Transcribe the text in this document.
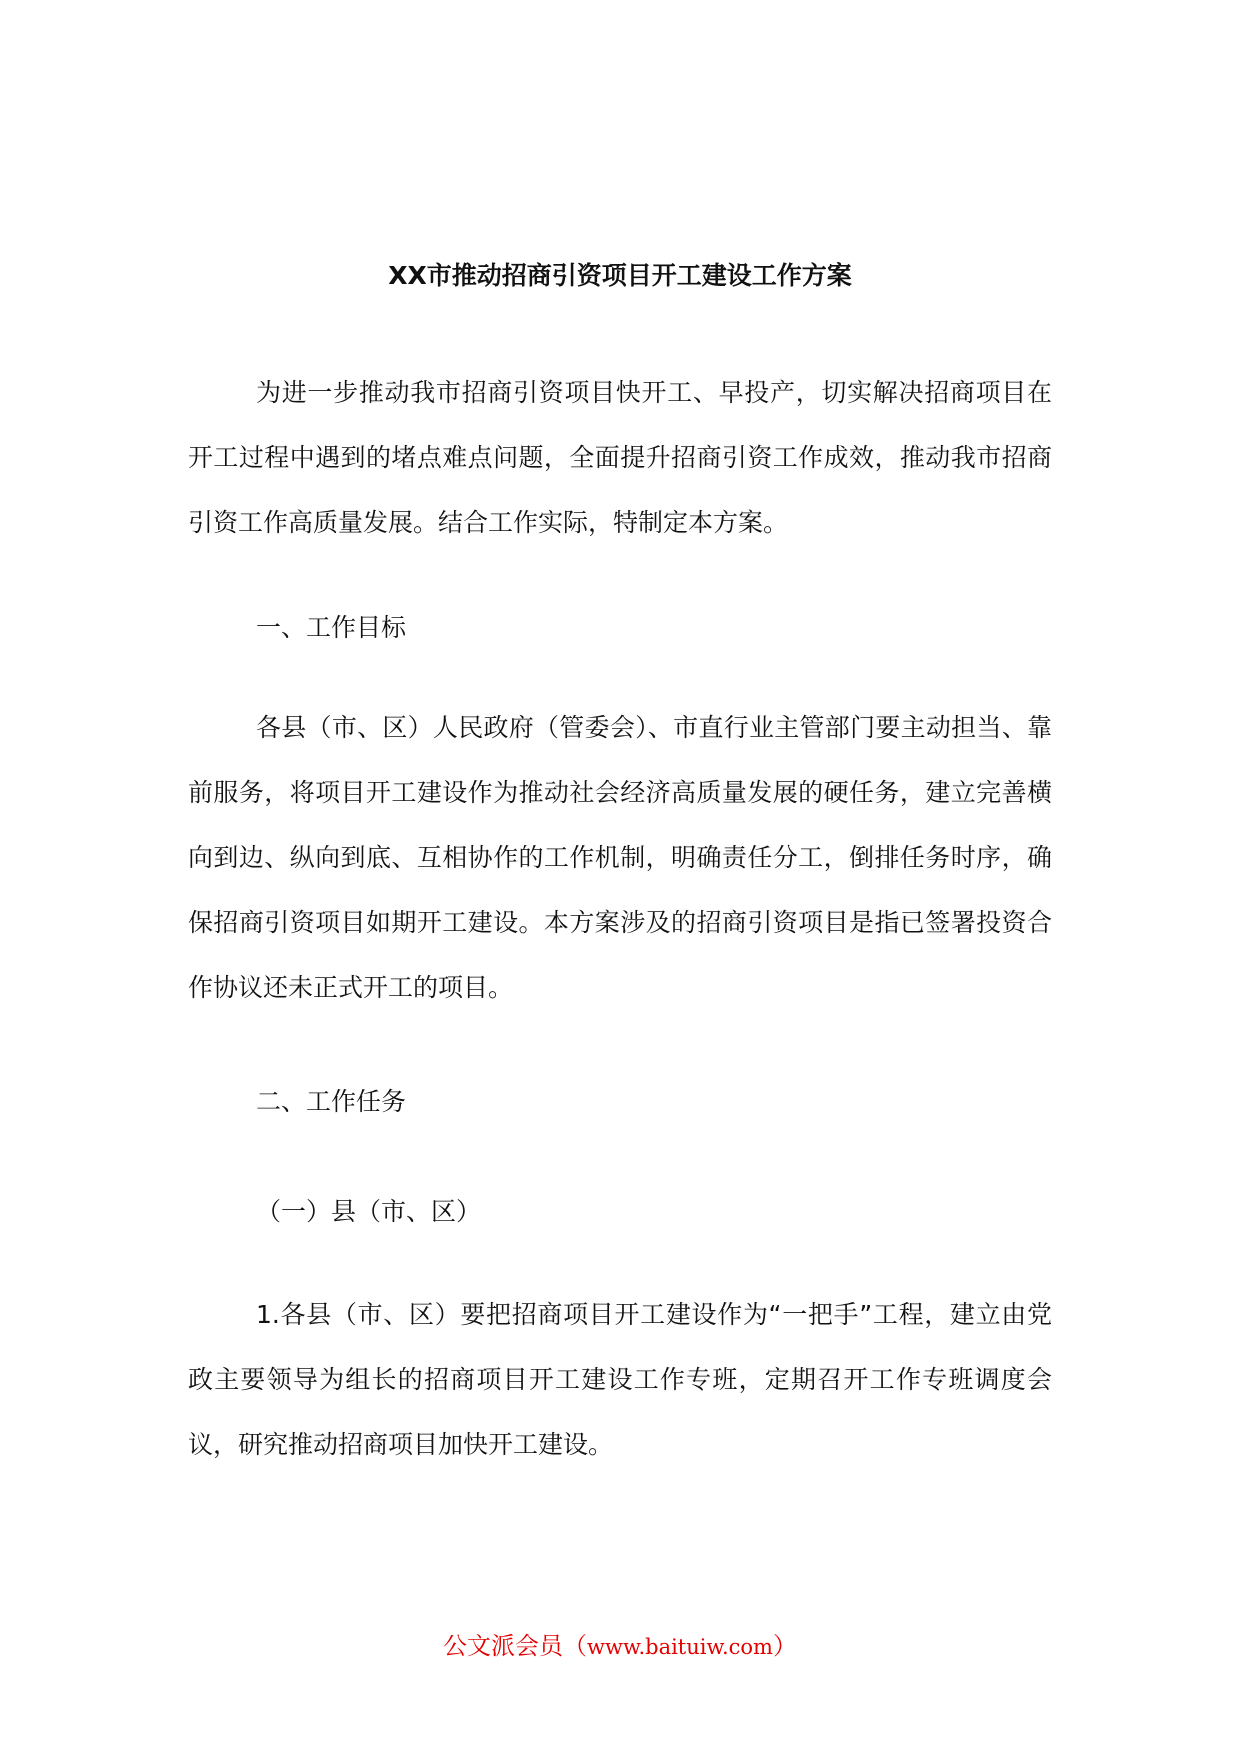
XX市推动招商引资项目开工建设工作方案

为进一步推动我市招商引资项目快开工、早投产，切实解决招商项目在开工过程中遇到的堵点难点问题，全面提升招商引资工作成效，推动我市招商引资工作高质量发展。结合工作实际，特制定本方案。

一、工作目标

各县（市、区）人民政府（管委会）、市直行业主管部门要主动担当、靠前服务，将项目开工建设作为推动社会经济高质量发展的硬任务，建立完善横向到边、纵向到底、互相协作的工作机制，明确责任分工，倒排任务时序，确保招商引资项目如期开工建设。本方案涉及的招商引资项目是指已签署投资合作协议还未正式开工的项目。

二、工作任务

（一）县（市、区）

1.各县（市、区）要把招商项目开工建设作为“一把手”工程，建立由党政主要领导为组长的招商项目开工建设工作专班，定期召开工作专班调度会议，研究推动招商项目加快开工建设。

公文派会员（www.baituiw.com）
